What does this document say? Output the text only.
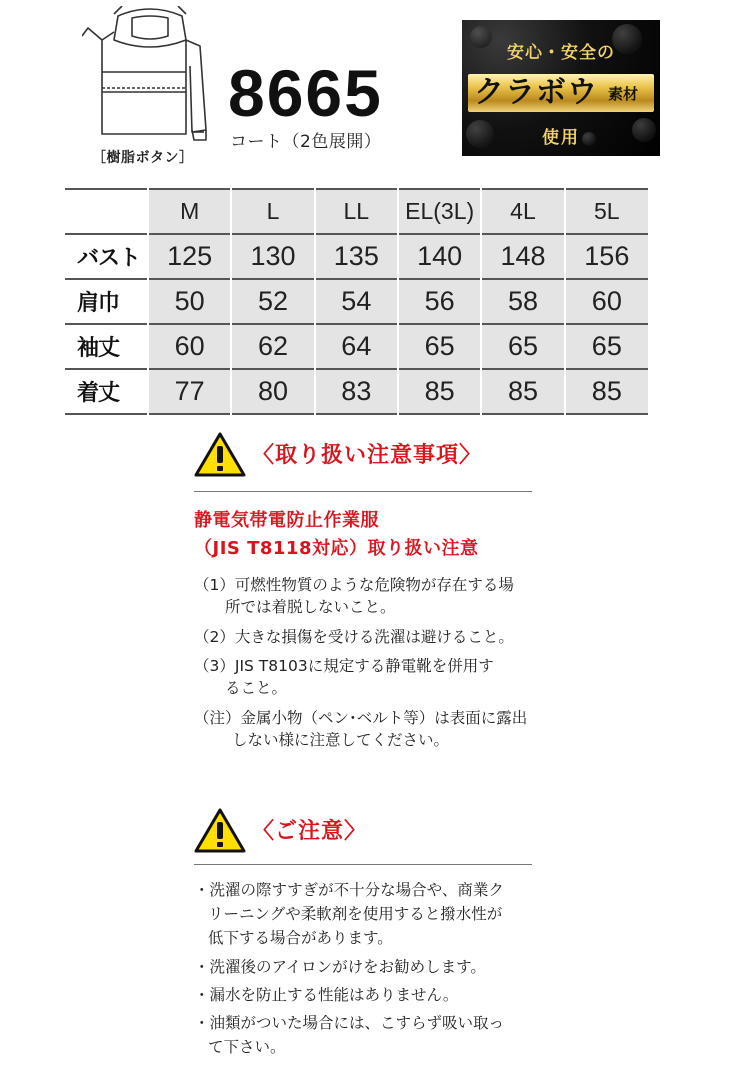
［樹脂ボタン］
8665
コート（2色展開）
安心・安全の
クラボウ 素材
使用
	M	L	LL	EL(3L)	4L	5L
バスト	125	130	135	140	148	156
肩巾	50	52	54	56	58	60
袖丈	60	62	64	65	65	65
着丈	77	80	83	85	85	85
〈取り扱い注意事項〉
静電気帯電防止作業服
（JIS T8118対応）取り扱い注意
（1）可燃性物質のような危険物が存在する場
所では着脱しないこと。
（2）大きな損傷を受ける洗濯は避けること。
（3）JIS T8103に規定する静電靴を併用す
ること。
（注）金属小物（ペン･ベルト等）は表面に露出
しない様に注意してください。
〈ご注意〉
・洗濯の際すすぎが不十分な場合や、商業ク
リーニングや柔軟剤を使用すると撥水性が
低下する場合があります。
・洗濯後のアイロンがけをお勧めします。
・漏水を防止する性能はありません。
・油類がついた場合には、こすらず吸い取っ
て下さい。
